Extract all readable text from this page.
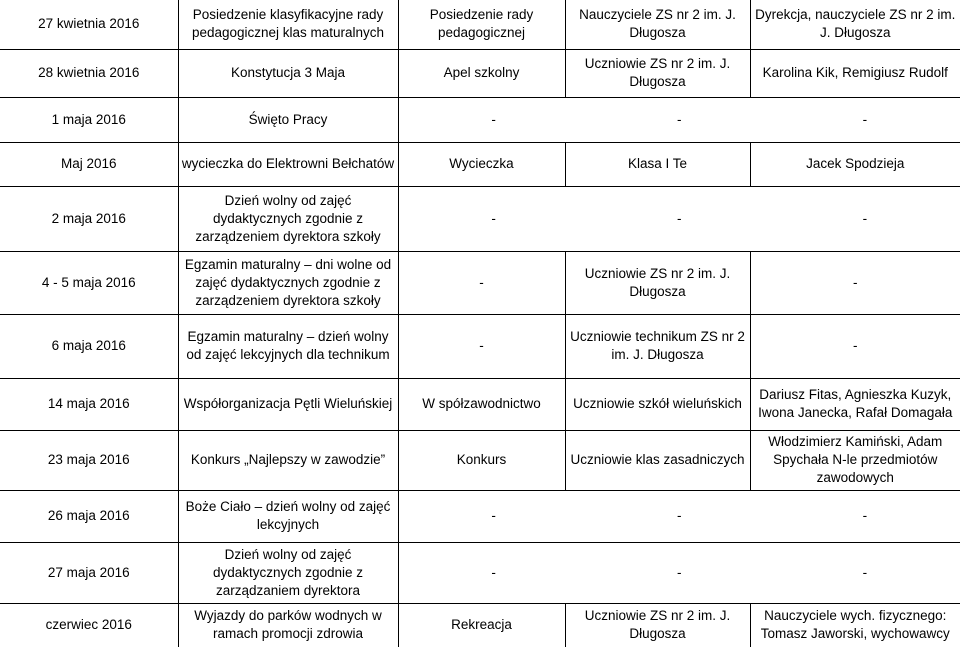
27 kwietnia 2016	Posiedzenie klasyfikacyjne rady pedagogicznej klas maturalnych	Posiedzenie rady pedagogicznej	Nauczyciele ZS nr 2 im. J. Długosza	Dyrekcja, nauczyciele ZS nr 2 im. J. Długosza
28 kwietnia 2016	Konstytucja 3 Maja	Apel szkolny	Uczniowie ZS nr 2 im. J. Długosza	Karolina Kik, Remigiusz Rudolf
1 maja 2016	Święto Pracy	- - -		
Maj 2016	wycieczka do Elektrowni Bełchatów	Wycieczka	Klasa I Te	Jacek Spodzieja
2 maja 2016	Dzień wolny od zajęć dydaktycznych zgodnie z zarządzeniem dyrektora szkoły	- - -		
4 - 5 maja 2016	Egzamin maturalny – dni wolne od zajęć dydaktycznych zgodnie z zarządzeniem dyrektora szkoły	-	Uczniowie ZS nr 2 im. J. Długosza	-
6 maja 2016	Egzamin maturalny – dzień wolny od zajęć lekcyjnych dla technikum	-	Uczniowie technikum ZS nr 2 im. J. Długosza	-
14 maja 2016	Współorganizacja Pętli Wieluńskiej	W spółzawodnictwo	Uczniowie szkół wieluńskich	Dariusz Fitas, Agnieszka Kuzyk, Iwona Janecka, Rafał Domagała
23 maja 2016	Konkurs „Najlepszy w zawodzie”	Konkurs	Uczniowie klas zasadniczych	Włodzimierz Kamiński, Adam Spychała N-le przedmiotów zawodowych
26 maja 2016	Boże Ciało – dzień wolny od zajęć lekcyjnych	- - -		
27 maja 2016	Dzień wolny od zajęć dydaktycznych zgodnie z zarządzaniem dyrektora	- - -		
czerwiec 2016	Wyjazdy do parków wodnych w ramach promocji zdrowia	Rekreacja	Uczniowie ZS nr 2 im. J. Długosza	Nauczyciele wych. fizycznego: Tomasz Jaworski, wychowawcy
